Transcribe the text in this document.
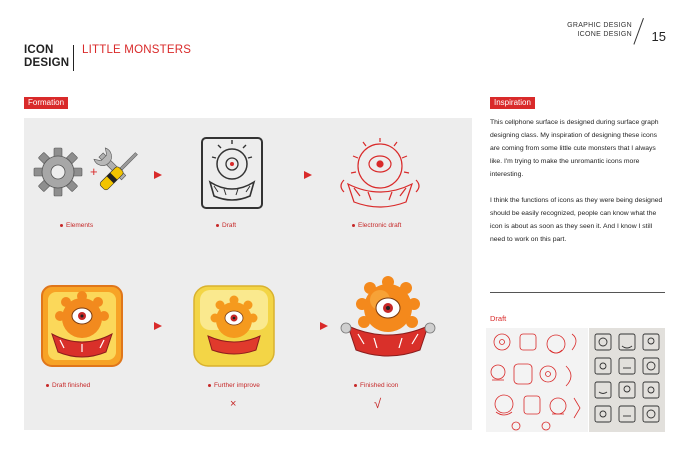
ICON DESIGN
LITTLE MONSTERS
GRAPHIC DESIGN
ICONE DESIGN 15
Formation
+
Elements	Draft	Electronic draft
Draft finished	Further improve
×
Finished icon
√
Inspiration

This cellphone surface is designed during surface graph designing class. My inspiration of designing these icons are coming from some little cute monsters that I always like. I'm trying to make the unromantic icons more interesting.

I think the functions of icons as they were being designed should be easily recognized, people can know what the icon is about as soon as they seen it. And I know I still need to work on this part.

Draft
